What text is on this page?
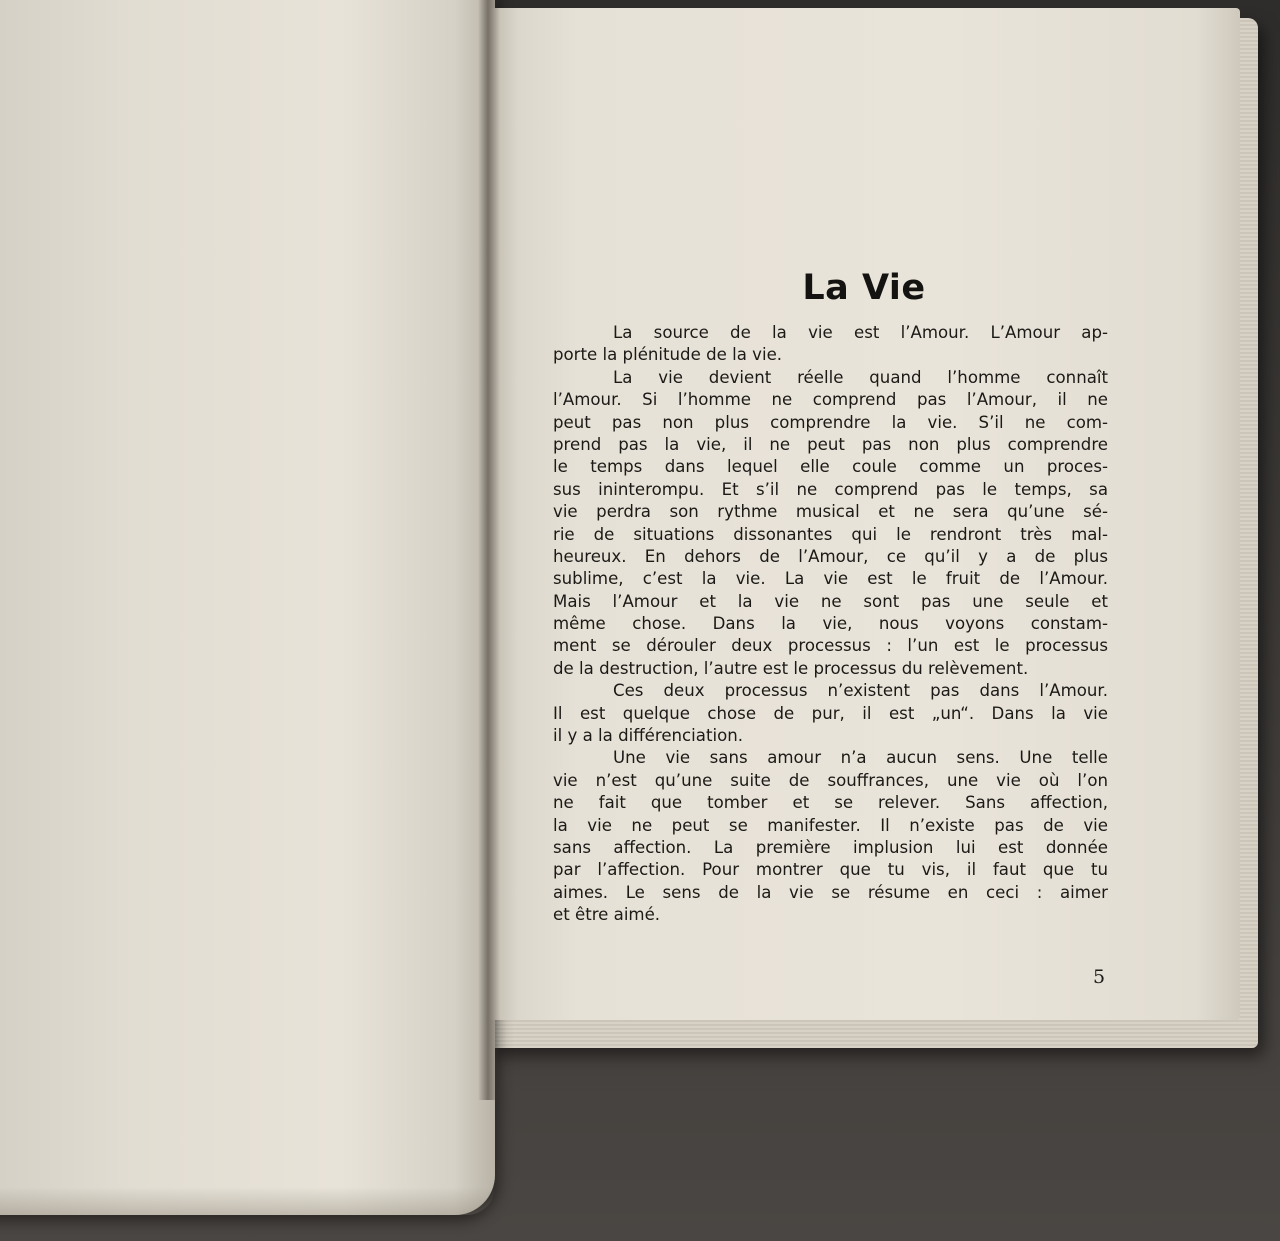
La Vie
La source de la vie est l’Amour. L’Amour ap-
porte la plénitude de la vie.
La vie devient réelle quand l’homme connaît
l’Amour. Si l’homme ne comprend pas l’Amour, il ne
peut pas non plus comprendre la vie. S’il ne com-
prend pas la vie, il ne peut pas non plus comprendre
le temps dans lequel elle coule comme un proces-
sus ininterompu. Et s’il ne comprend pas le temps, sa
vie perdra son rythme musical et ne sera qu’une sé-
rie de situations dissonantes qui le rendront très mal-
heureux. En dehors de l’Amour, ce qu’il y a de plus
sublime, c’est la vie. La vie est le fruit de l’Amour.
Mais l’Amour et la vie ne sont pas une seule et
même chose. Dans la vie, nous voyons constam-
ment se dérouler deux processus : l’un est le processus
de la destruction, l’autre est le processus du relèvement.
Ces deux processus n’existent pas dans l’Amour.
Il est quelque chose de pur, il est „un“. Dans la vie
il y a la différenciation.
Une vie sans amour n’a aucun sens. Une telle
vie n’est qu’une suite de souffrances, une vie où l’on
ne fait que tomber et se relever. Sans affection,
la vie ne peut se manifester. Il n’existe pas de vie
sans affection. La première implusion lui est donnée
par l’affection. Pour montrer que tu vis, il faut que tu
aimes. Le sens de la vie se résume en ceci : aimer
et être aimé.
5
